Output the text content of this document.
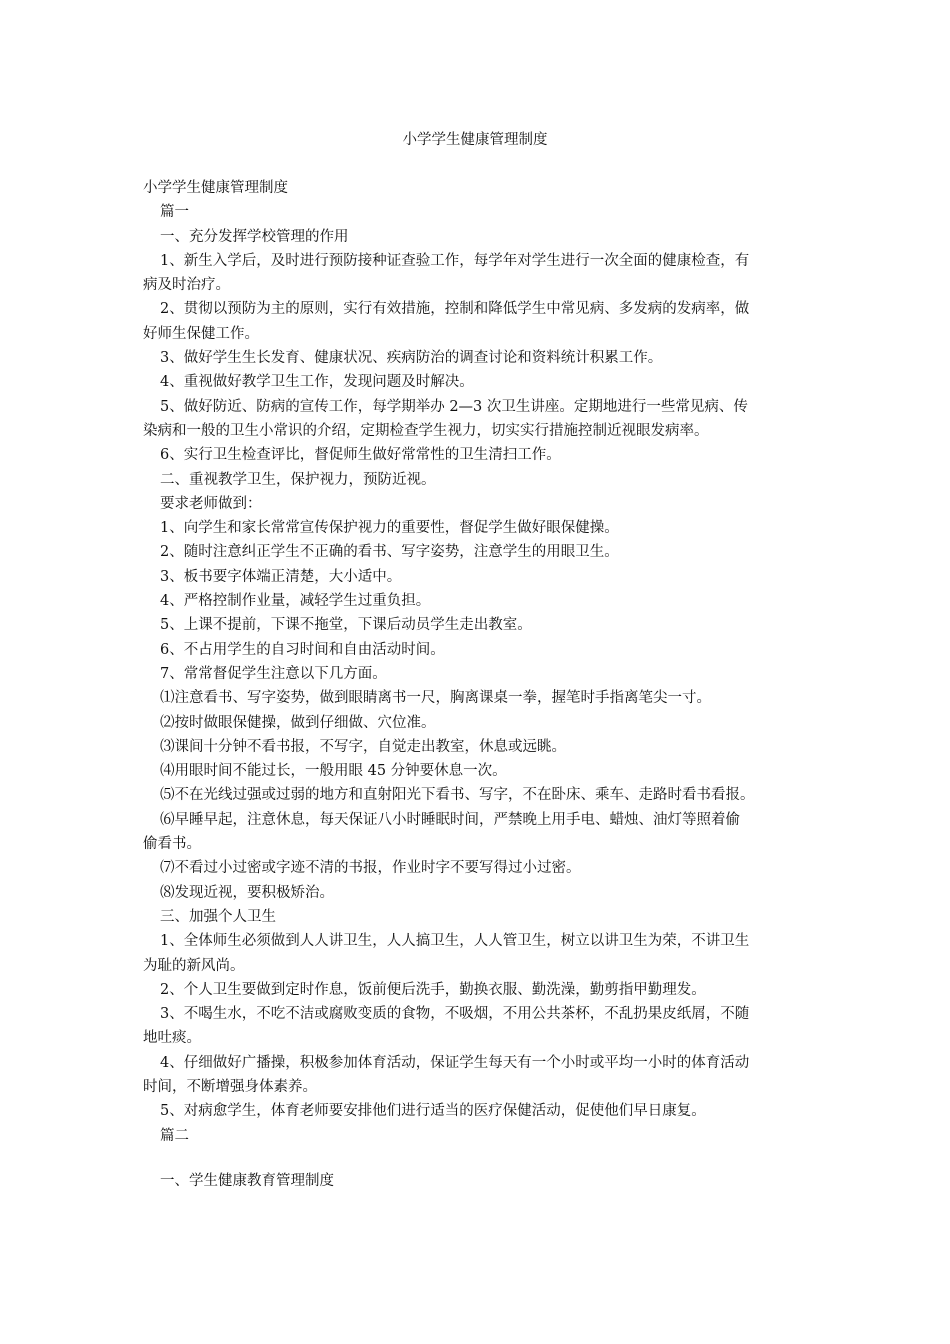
小学学生健康管理制度
小学学生健康管理制度
篇一
一、充分发挥学校管理的作用
1、新生入学后，及时进行预防接种证查验工作，每学年对学生进行一次全面的健康检查，有
病及时治疗。
2、贯彻以预防为主的原则，实行有效措施，控制和降低学生中常见病、多发病的发病率，做
好师生保健工作。
3、做好学生生长发育、健康状况、疾病防治的调查讨论和资料统计积累工作。
4、重视做好教学卫生工作，发现问题及时解决。
5、做好防近、防病的宣传工作，每学期举办 2—3 次卫生讲座。定期地进行一些常见病、传
染病和一般的卫生小常识的介绍，定期检查学生视力，切实实行措施控制近视眼发病率。
6、实行卫生检查评比，督促师生做好常常性的卫生清扫工作。
二、重视教学卫生，保护视力，预防近视。
要求老师做到：
1、向学生和家长常常宣传保护视力的重要性，督促学生做好眼保健操。
2、随时注意纠正学生不正确的看书、写字姿势，注意学生的用眼卫生。
3、板书要字体端正清楚，大小适中。
4、严格控制作业量，减轻学生过重负担。
5、上课不提前，下课不拖堂，下课后动员学生走出教室。
6、不占用学生的自习时间和自由活动时间。
7、常常督促学生注意以下几方面。
⑴注意看书、写字姿势，做到眼睛离书一尺，胸离课桌一拳，握笔时手指离笔尖一寸。
⑵按时做眼保健操，做到仔细做、穴位准。
⑶课间十分钟不看书报，不写字，自觉走出教室，休息或远眺。
⑷用眼时间不能过长，一般用眼 45 分钟要休息一次。
⑸不在光线过强或过弱的地方和直射阳光下看书、写字，不在卧床、乘车、走路时看书看报。
⑹早睡早起，注意休息，每天保证八小时睡眠时间，严禁晚上用手电、蜡烛、油灯等照着偷
偷看书。
⑺不看过小过密或字迹不清的书报，作业时字不要写得过小过密。
⑻发现近视，要积极矫治。
三、加强个人卫生
1、全体师生必须做到人人讲卫生，人人搞卫生，人人管卫生，树立以讲卫生为荣，不讲卫生
为耻的新风尚。
2、个人卫生要做到定时作息，饭前便后洗手，勤换衣服、勤洗澡，勤剪指甲勤理发。
3、不喝生水，不吃不洁或腐败变质的食物，不吸烟，不用公共茶杯，不乱扔果皮纸屑，不随
地吐痰。
4、仔细做好广播操，积极参加体育活动，保证学生每天有一个小时或平均一小时的体育活动
时间，不断增强身体素养。
5、对病愈学生，体育老师要安排他们进行适当的医疗保健活动，促使他们早日康复。
篇二
一、学生健康教育管理制度
